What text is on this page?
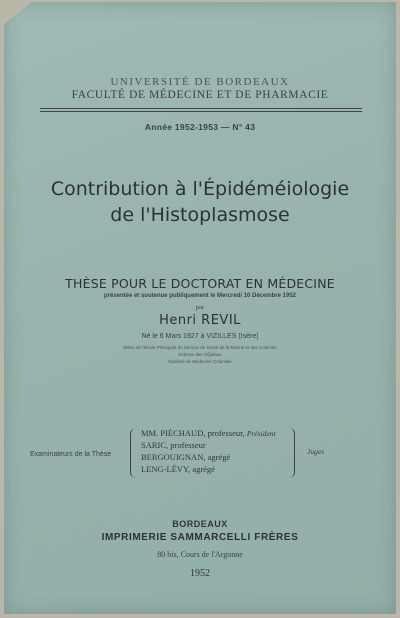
UNIVERSITÉ DE BORDEAUX
FACULTÉ DE MÉDECINE ET DE PHARMACIE
Année 1952-1953 — N° 43
Contribution à l'Épidéméiologie
de l'Histoplasmose
THÈSE POUR LE DOCTORAT EN MÉDECINE
présentée et soutenue publiquement le Mercredi 10 Décembre 1952
par
Henri REVIL
Né le 6 Mars 1927 à VIZILLES (Isère)
Élève de l'École Principale du Service de Santé de la Marine et des Colonies
Externe des Hôpitaux
Diplômé de Médecine Coloniale
Examinateurs de la Thèse
MM. PIÉCHAUD, professeur, Président
SARIC, professeur
BERGOUIGNAN, agrégé
LENG-LÉVY, agrégé
Juges
BORDEAUX
IMPRIMERIE SAMMARCELLI FRÈRES
80 bis, Cours de l'Argonne
1952
